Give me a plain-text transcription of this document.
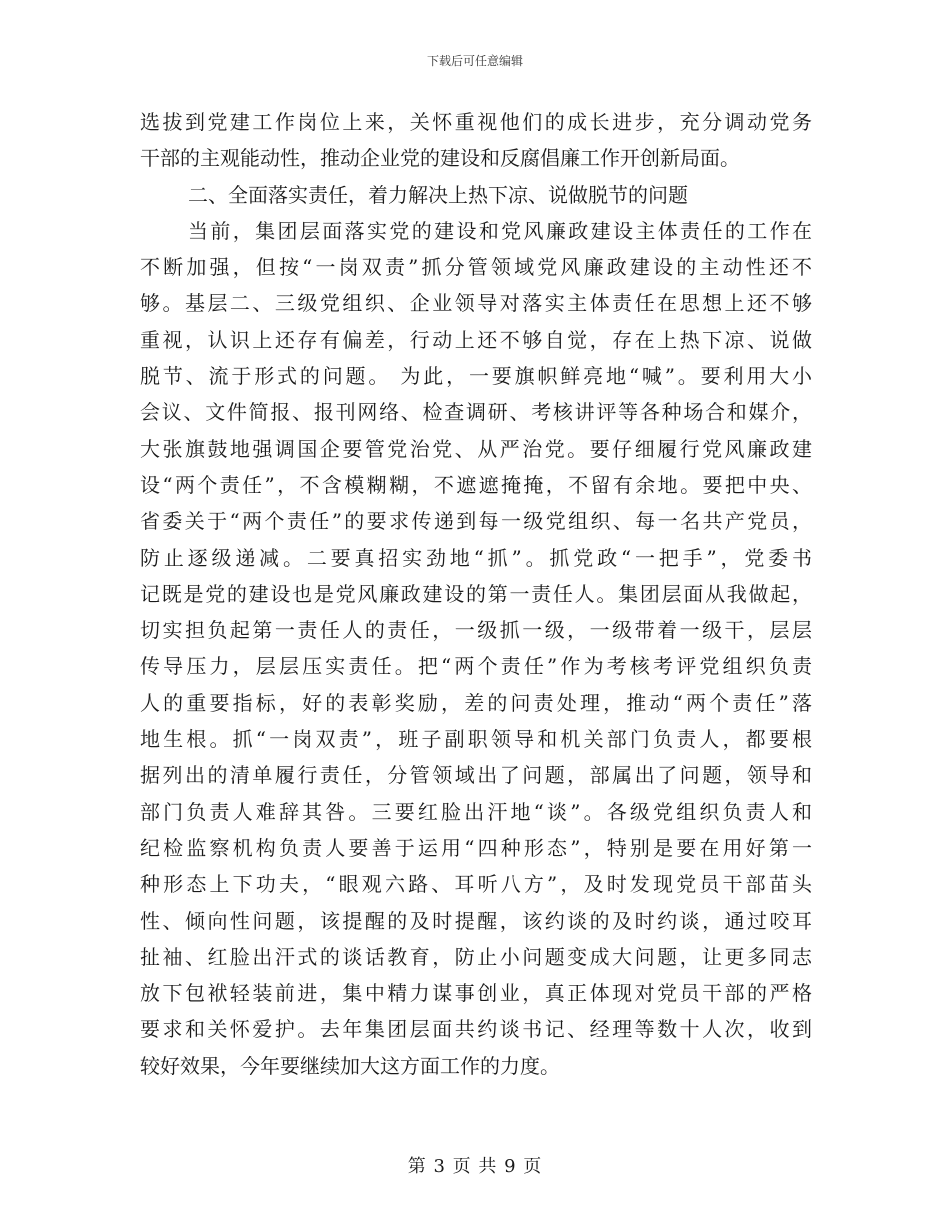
下载后可任意编辑
选拔到党建工作岗位上来，关怀重视他们的成长进步，充分调动党务
干部的主观能动性，推动企业党的建设和反腐倡廉工作开创新局面。
二、全面落实责任，着力解决上热下凉、说做脱节的问题
当前，集团层面落实党的建设和党风廉政建设主体责任的工作在
不断加强，但按“一岗双责”抓分管领域党风廉政建设的主动性还不
够。基层二、三级党组织、企业领导对落实主体责任在思想上还不够
重视，认识上还存有偏差，行动上还不够自觉，存在上热下凉、说做
脱节、流于形式的问题。 为此，一要旗帜鲜亮地“喊”。要利用大小
会议、文件简报、报刊网络、检查调研、考核讲评等各种场合和媒介，
大张旗鼓地强调国企要管党治党、从严治党。要仔细履行党风廉政建
设“两个责任”，不含模糊糊，不遮遮掩掩，不留有余地。要把中央、
省委关于“两个责任”的要求传递到每一级党组织、每一名共产党员，
防止逐级递减。二要真招实劲地“抓”。抓党政“一把手”，党委书
记既是党的建设也是党风廉政建设的第一责任人。集团层面从我做起，
切实担负起第一责任人的责任，一级抓一级，一级带着一级干，层层
传导压力，层层压实责任。把“两个责任”作为考核考评党组织负责
人的重要指标，好的表彰奖励，差的问责处理，推动“两个责任”落
地生根。抓“一岗双责”，班子副职领导和机关部门负责人，都要根
据列出的清单履行责任，分管领域出了问题，部属出了问题，领导和
部门负责人难辞其咎。三要红脸出汗地“谈”。各级党组织负责人和
纪检监察机构负责人要善于运用“四种形态”，特别是要在用好第一
种形态上下功夫，“眼观六路、耳听八方”，及时发现党员干部苗头
性、倾向性问题，该提醒的及时提醒，该约谈的及时约谈，通过咬耳
扯袖、红脸出汗式的谈话教育，防止小问题变成大问题，让更多同志
放下包袱轻装前进，集中精力谋事创业，真正体现对党员干部的严格
要求和关怀爱护。去年集团层面共约谈书记、经理等数十人次，收到
较好效果，今年要继续加大这方面工作的力度。
第 3 页 共 9 页
